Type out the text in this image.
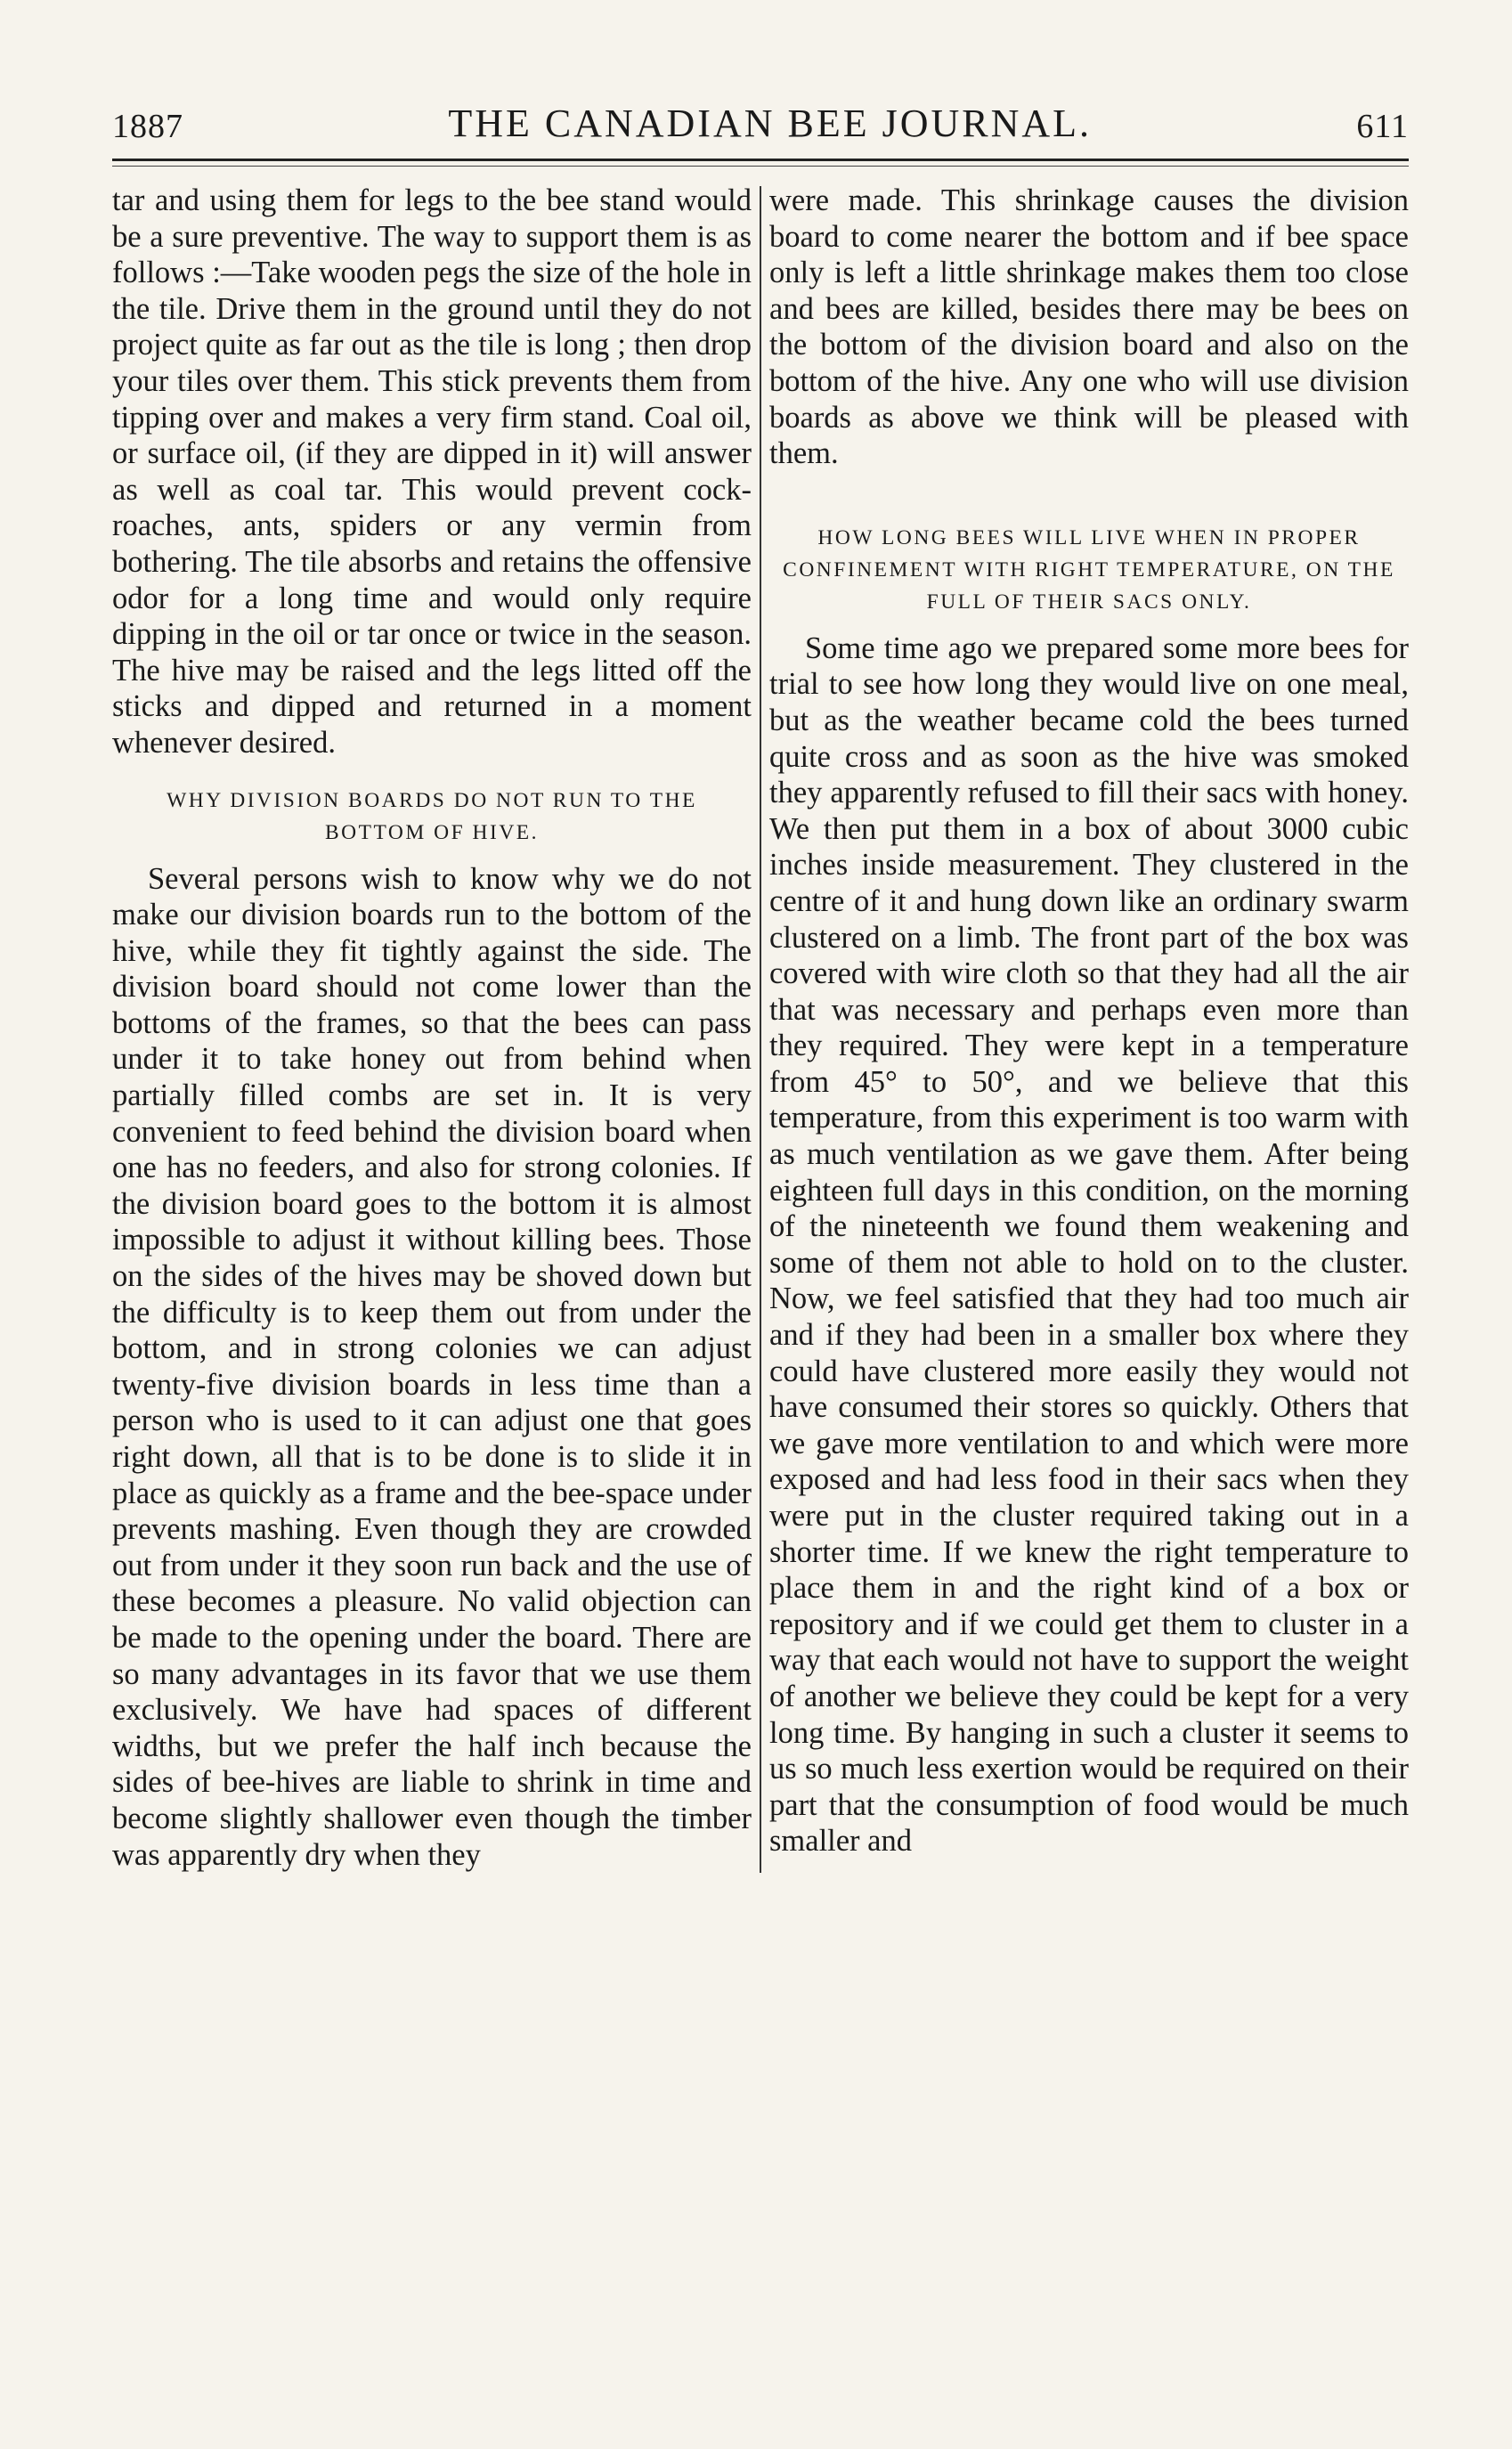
1887	THE CANADIAN BEE JOURNAL.	611

tar and using them for legs to the bee stand would be a sure preventive. The way to support them is as follows :—Take wooden pegs the size of the hole in the tile. Drive them in the ground until they do not project quite as far out as the tile is long ; then drop your tiles over them. This stick prevents them from tipping over and makes a very firm stand. Coal oil, or surface oil, (if they are dipped in it) will answer as well as coal tar. This would prevent cock-roaches, ants, spiders or any vermin from bothering. The tile absorbs and retains the offensive odor for a long time and would only require dipping in the oil or tar once or twice in the season. The hive may be raised and the legs litted off the sticks and dipped and returned in a moment whenever desired.

WHY DIVISION BOARDS DO NOT RUN TO THE BOTTOM OF HIVE.

Several persons wish to know why we do not make our division boards run to the bottom of the hive, while they fit tightly against the side. The division board should not come lower than the bottoms of the frames, so that the bees can pass under it to take honey out from behind when partially filled combs are set in. It is very convenient to feed behind the division board when one has no feeders, and also for strong colonies. If the division board goes to the bottom it is almost impossible to adjust it without killing bees. Those on the sides of the hives may be shoved down but the difficulty is to keep them out from under the bottom, and in strong colonies we can adjust twenty-five division boards in less time than a person who is used to it can adjust one that goes right down, all that is to be done is to slide it in place as quickly as a frame and the bee-space under prevents mashing. Even though they are crowded out from under it they soon run back and the use of these becomes a pleasure. No valid objection can be made to the opening under the board. There are so many advantages in its favor that we use them exclusively. We have had spaces of different widths, but we prefer the half inch because the sides of bee-hives are liable to shrink in time and become slightly shallower even though the timber was apparently dry when they

were made. This shrinkage causes the division board to come nearer the bottom and if bee space only is left a little shrinkage makes them too close and bees are killed, besides there may be bees on the bottom of the division board and also on the bottom of the hive. Any one who will use division boards as above we think will be pleased with them.

HOW LONG BEES WILL LIVE WHEN IN PROPER CONFINEMENT WITH RIGHT TEMPERATURE, ON THE FULL OF THEIR SACS ONLY.

Some time ago we prepared some more bees for trial to see how long they would live on one meal, but as the weather became cold the bees turned quite cross and as soon as the hive was smoked they apparently refused to fill their sacs with honey. We then put them in a box of about 3000 cubic inches inside measurement. They clustered in the centre of it and hung down like an ordinary swarm clustered on a limb. The front part of the box was covered with wire cloth so that they had all the air that was necessary and perhaps even more than they required. They were kept in a temperature from 45° to 50°, and we believe that this temperature, from this experiment is too warm with as much ventilation as we gave them. After being eighteen full days in this condition, on the morning of the nineteenth we found them weakening and some of them not able to hold on to the cluster. Now, we feel satisfied that they had too much air and if they had been in a smaller box where they could have clustered more easily they would not have consumed their stores so quickly. Others that we gave more ventilation to and which were more exposed and had less food in their sacs when they were put in the cluster required taking out in a shorter time. If we knew the right temperature to place them in and the right kind of a box or repository and if we could get them to cluster in a way that each would not have to support the weight of another we believe they could be kept for a very long time. By hanging in such a cluster it seems to us so much less exertion would be required on their part that the consumption of food would be much smaller and
